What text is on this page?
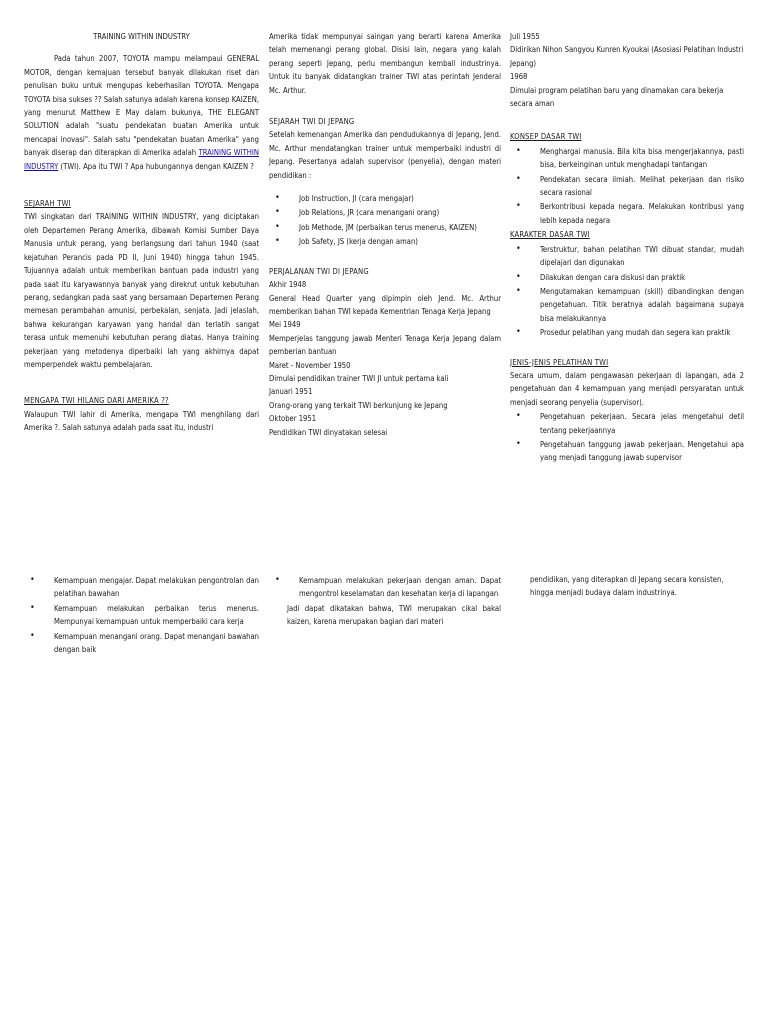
TRAINING WITHIN INDUSTRY

Pada tahun 2007, TOYOTA mampu melampaui GENERAL MOTOR, dengan kemajuan tersebut banyak dilakukan riset dan penulisan buku untuk mengupas keberhasilan TOYOTA. Mengapa TOYOTA bisa sukses ?? Salah satunya adalah karena konsep KAIZEN, yang menurut Matthew E May dalam bukunya, THE ELEGANT SOLUTION adalah "suatu pendekatan buatan Amerika untuk mencapai inovasi". Salah satu "pendekatan buatan Amerika" yang banyak diserap dan diterapkan di Amerika adalah TRAINING WITHIN INDUSTRY (TWI). Apa itu TWI ? Apa hubungannya dengan KAIZEN ?

SEJARAH TWI

TWI singkatan dari TRAINING WITHIN INDUSTRY, yang diciptakan oleh Departemen Perang Amerika, dibawah Komisi Sumber Daya Manusia untuk perang, yang berlangsung dari tahun 1940 (saat kejatuhan Perancis pada PD II, Juni 1940) hingga tahun 1945. Tujuannya adalah untuk memberikan bantuan pada industri yang pada saat itu karyawannya banyak yang direkrut untuk kebutuhan perang, sedangkan pada saat yang bersamaan Departemen Perang memesan perambahan amunisi, perbekalan, senjata. Jadi jelaslah, bahwa kekurangan karyawan yang handal dan terlatih sangat terasa untuk memenuhi kebutuhan perang diatas. Hanya training pekerjaan yang metodenya diperbaiki lah yang akhirnya dapat memperpendek waktu pembelajaran.

MENGAPA TWI HILANG DARI AMERIKA ??

Walaupun TWI lahir di Amerika, mengapa TWI menghilang dari Amerika ?. Salah satunya adalah pada saat itu, industri

Amerika tidak mempunyai saingan yang berarti karena Amerika telah memenangi perang global. Disisi lain, negara yang kalah perang seperti Jepang, perlu membangun kembali industrinya. Untuk itu banyak didatangkan trainer TWI atas perintah Jenderal Mc. Arthur.

SEJARAH TWI DI JEPANG

Setelah kemenangan Amerika dan pendudukannya di Jepang, Jend. Mc. Arthur mendatangkan trainer untuk memperbaiki industri di Jepang. Pesertanya adalah supervisor (penyelia), dengan materi pendidikan :

•	Job Instruction, JI (cara mengajar)
•	Job Relations, JR (cara menangani orang)
•	Job Methode, JM (perbaikan terus menerus, KAIZEN)
•	Job Safety, JS (kerja dengan aman)

PERJALANAN TWI DI JEPANG

Akhir 1948

General Head Quarter yang dipimpin oleh Jend. Mc. Arthur memberikan bahan TWI kepada Kementrian Tenaga Kerja Jepang

Mei 1949

Memperjelas tanggung jawab Menteri Tenaga Kerja Jepang dalam pemberian bantuan

Maret - November 1950

Dimulai pendidikan trainer TWI JI untuk pertama kali

Januari 1951

Orang-orang yang terkait TWI berkunjung ke Jepang

Oktober 1951

Pendidikan TWI dinyatakan selesai

Juli 1955

Didirikan Nihon Sangyou Kunren Kyoukai (Asosiasi Pelatihan Industri Jepang)

1968

Dimulai program pelatihan baru yang dinamakan cara bekerja secara aman

KONSEP DASAR TWI

•	Menghargai manusia. Bila kita bisa mengerjakannya, pasti bisa, berkeinginan untuk menghadapi tantangan
•	Pendekatan secara ilmiah. Melihat pekerjaan dan risiko secara rasional
•	Berkontribusi kepada negara. Melakukan kontribusi yang lebih kepada negara

KARAKTER DASAR TWI

•	Terstruktur, bahan pelatihan TWI dibuat standar, mudah dipelajari dan digunakan
•	Dilakukan dengan cara diskusi dan praktik
•	Mengutamakan kemampuan (skill) dibandingkan dengan pengetahuan. Titik beratnya adalah bagaimana supaya bisa melakukannya
•	Prosedur pelatihan yang mudah dan segera kan praktik

JENIS-JENIS PELATIHAN TWI

Secara umum, dalam pengawasan pekerjaan di lapangan, ada 2 pengetahuan dan 4 kemampuan yang menjadi persyaratan untuk menjadi seorang penyelia (supervisor).

•	Pengetahuan pekerjaan. Secara jelas mengetahui detil tentang pekerjaannya
•	Pengetahuan tanggung jawab pekerjaan. Mengetahui apa yang menjadi tanggung jawab supervisor
•	Kemampuan mengajar. Dapat melakukan pengontrolan dan pelatihan bawahan
•	Kemampuan melakukan perbaikan terus menerus. Mempunyai kemampuan untuk memperbaiki cara kerja
•	Kemampuan menangani orang. Dapat menangani bawahan dengan baik
•	Kemampuan melakukan pekerjaan dengan aman. Dapat mengontrol keselamatan dan kesehatan kerja di lapangan

Jadi dapat dikatakan bahwa, TWI merupakan cikal bakal kaizen, karena merupakan bagian dari materi

pendidikan, yang diterapkan di Jepang secara konsisten, hingga menjadi budaya dalam industrinya.
